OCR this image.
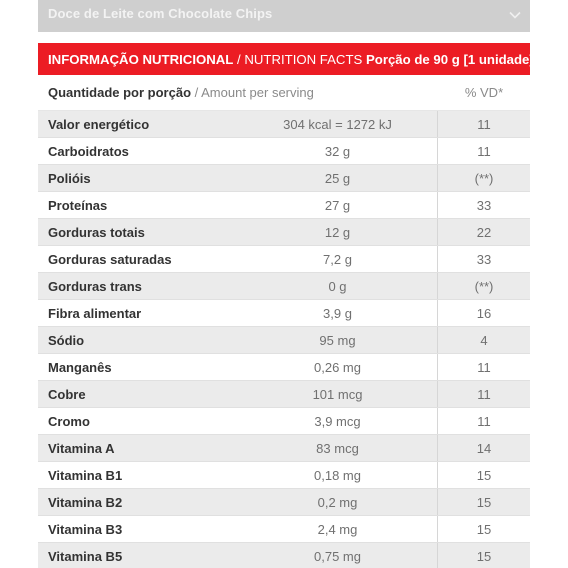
Doce de Leite com Chocolate Chips
INFORMAÇÃO NUTRICIONAL / NUTRITION FACTS
Porção de 90 g [1 unidade]
Quantidade por porção / Amount per serving	% VD*
Valor energético	304 kcal = 1272 kJ	11
Carboidratos	32 g	11
Polióis	25 g	(**)
Proteínas	27 g	33
Gorduras totais	12 g	22
Gorduras saturadas	7,2 g	33
Gorduras trans	0 g	(**)
Fibra alimentar	3,9 g	16
Sódio	95 mg	4
Manganês	0,26 mg	11
Cobre	101 mcg	11
Cromo	3,9 mcg	11
Vitamina A	83 mcg	14
Vitamina B1	0,18 mg	15
Vitamina B2	0,2 mg	15
Vitamina B3	2,4 mg	15
Vitamina B5	0,75 mg	15
